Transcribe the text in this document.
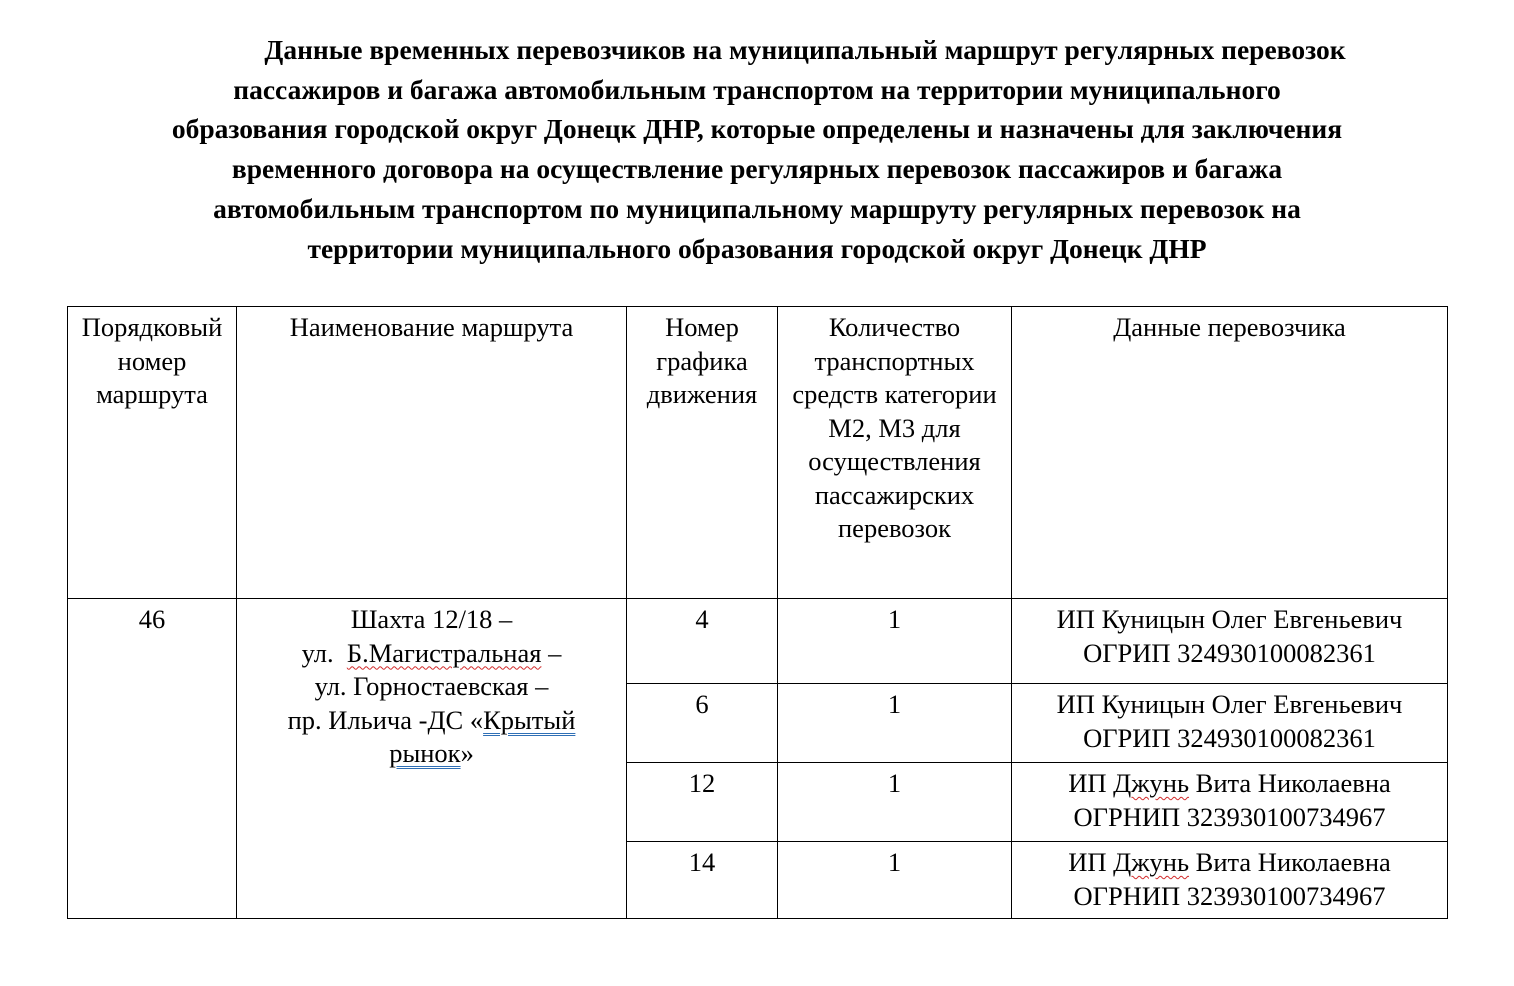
Данные временных перевозчиков на муниципальный маршрут регулярных перевозок
пассажиров и багажа автомобильным транспортом на территории муниципального
образования городской округ Донецк ДНР, которые определены и назначены для заключения
временного договора на осуществление регулярных перевозок пассажиров и багажа
автомобильным транспортом по муниципальному маршруту регулярных перевозок на
территории муниципального образования городской округ Донецк ДНР
Порядковый номер маршрута	Наименование маршрута	Номер графика движения	Количество транспортных средств категории М2, М3 для осуществления пассажирских перевозок	Данные перевозчика
46	Шахта 12/18 –
ул. Б.Магистральная –
ул. Горностаевская –
пр. Ильича -ДС «Крытый
рынок»	4	1	ИП Куницын Олег Евгеньевич
ОГРИП 324930100082361

		6	1	ИП Куницын Олег Евгеньевич
ОГРИП 324930100082361

		12	1	ИП Джунь Вита Николаевна
ОГРНИП 323930100734967

		14	1	ИП Джунь Вита Николаевна
ОГРНИП 323930100734967
